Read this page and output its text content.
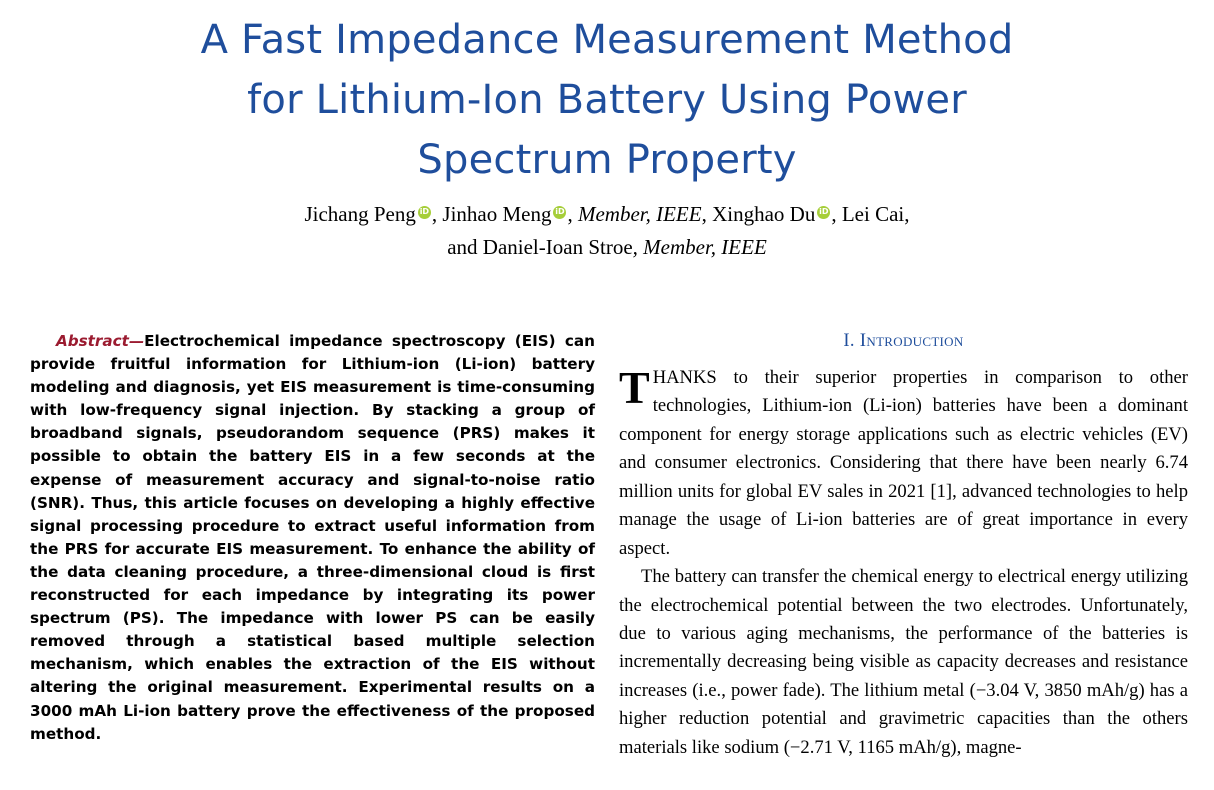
A Fast Impedance Measurement Method
for Lithium-Ion Battery Using Power
Spectrum Property
Jichang Peng iD , Jinhao Meng iD , Member, IEEE, Xinghao Du iD , Lei Cai,
and Daniel-Ioan Stroe, Member, IEEE

Abstract—Electrochemical impedance spectroscopy (EIS) can provide fruitful information for Lithium-ion (Li-ion) battery modeling and diagnosis, yet EIS measurement is time-consuming with low-frequency signal injection. By stacking a group of broadband signals, pseudorandom sequence (PRS) makes it possible to obtain the battery EIS in a few seconds at the expense of measurement accuracy and signal-to-noise ratio (SNR). Thus, this article focuses on developing a highly effective signal processing procedure to extract useful information from the PRS for accurate EIS measurement. To enhance the ability of the data cleaning procedure, a three-dimensional cloud is first reconstructed for each impedance by integrating its power spectrum (PS). The impedance with lower PS can be easily removed through a statistical based multiple selection mechanism, which enables the extraction of the EIS without altering the original measurement. Experimental results on a 3000 mAh Li-ion battery prove the effectiveness of the proposed method.

I. Introduction

THANKS to their superior properties in comparison to other technologies, Lithium-ion (Li-ion) batteries have been a dominant component for energy storage applications such as electric vehicles (EV) and consumer electronics. Considering that there have been nearly 6.74 million units for global EV sales in 2021 [1], advanced technologies to help manage the usage of Li-ion batteries are of great importance in every aspect.

The battery can transfer the chemical energy to electrical energy utilizing the electrochemical potential between the two electrodes. Unfortunately, due to various aging mechanisms, the performance of the batteries is incrementally decreasing being visible as capacity decreases and resistance increases (i.e., power fade). The lithium metal (−3.04 V, 3850 mAh/g) has a higher reduction potential and gravimetric capacities than the others materials like sodium (−2.71 V, 1165 mAh/g), magne-
